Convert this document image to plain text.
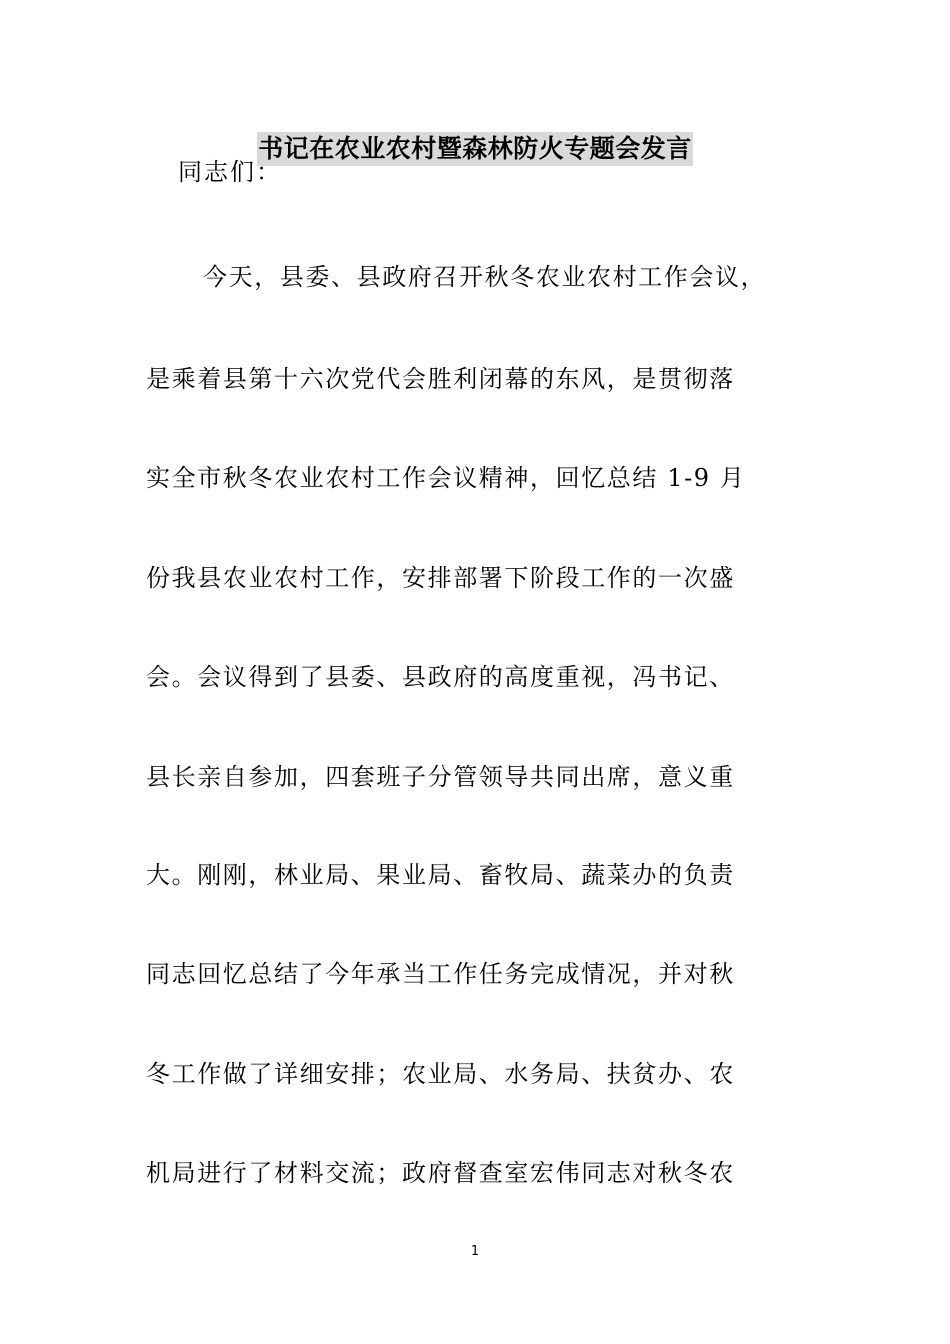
书记在农业农村暨森林防火专题会发言
同志们：
今天，县委、县政府召开秋冬农业农村工作会议，
是乘着县第十六次党代会胜利闭幕的东风，是贯彻落
实全市秋冬农业农村工作会议精神，回忆总结 1-9 月
份我县农业农村工作，安排部署下阶段工作的一次盛
会。会议得到了县委、县政府的高度重视，冯书记、
县长亲自参加，四套班子分管领导共同出席，意义重
大。刚刚，林业局、果业局、畜牧局、蔬菜办的负责
同志回忆总结了今年承当工作任务完成情况，并对秋
冬工作做了详细安排；农业局、水务局、扶贫办、农
机局进行了材料交流；政府督查室宏伟同志对秋冬农
1
